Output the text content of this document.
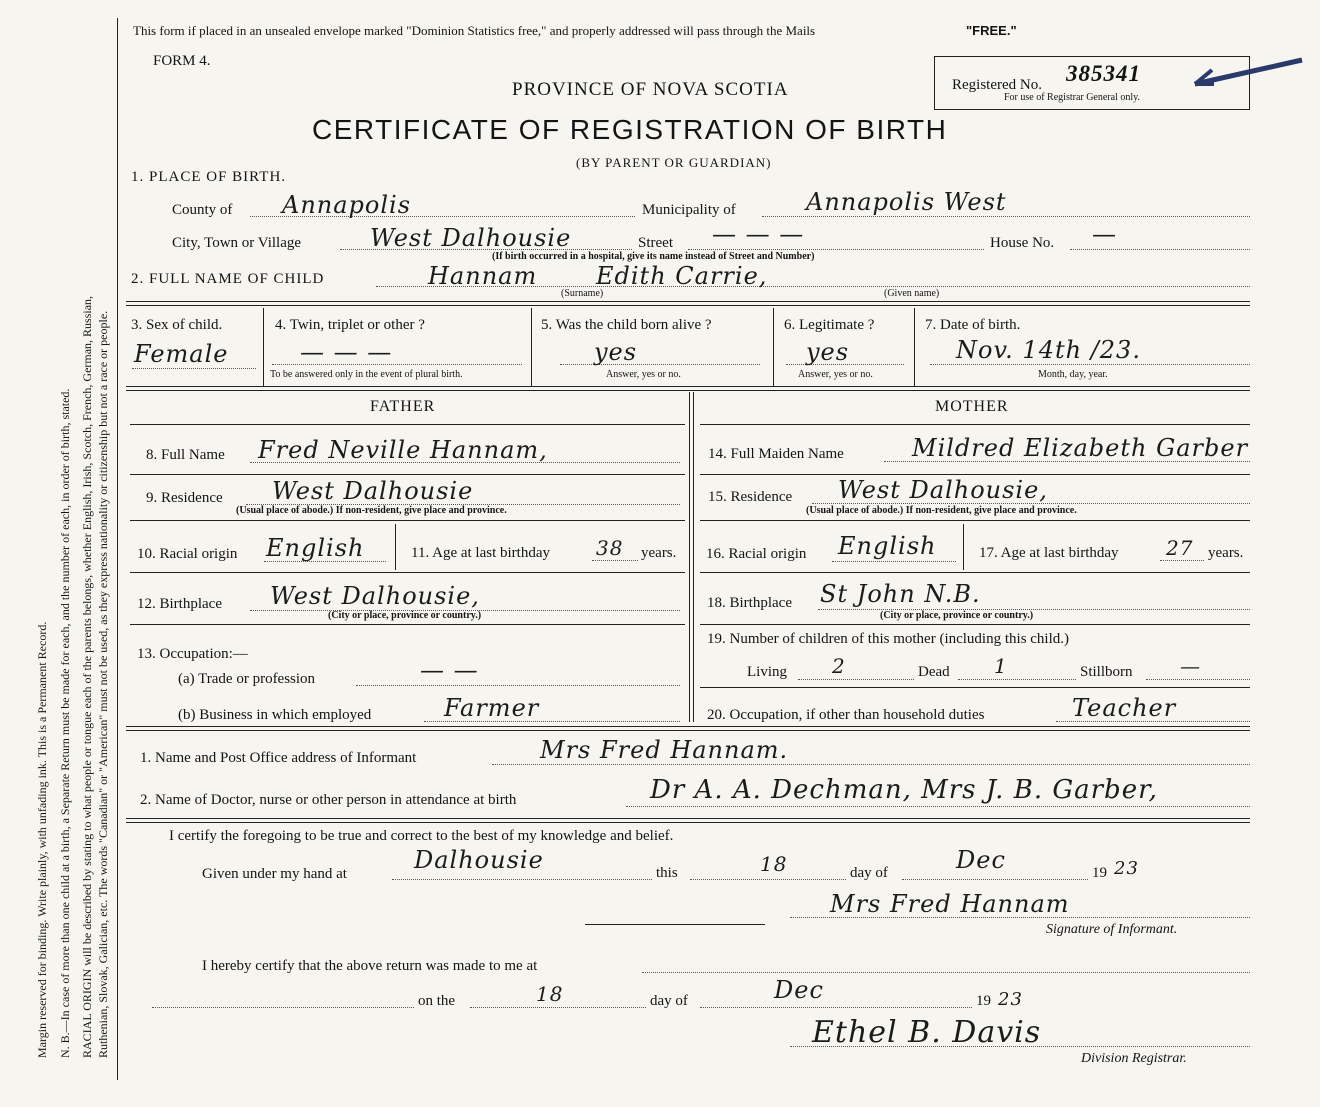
Margin reserved for binding. Write plainly, with unfading ink. This is a Permanent Record. N. B.—In case of more than one child at a birth, a Separate Return must be made for each, and the number of each, in order of birth, stated. RACIAL ORIGIN will be described by stating to what people or tongue each of the parents belongs, whether English, Irish, Scotch, French, German, Russian, Ruthenian, Slovak, Galician, etc. The words "Canadian" or "American" must not be used, as they express nationality or citizenship but not a race or people.
This form if placed in an unsealed envelope marked "Dominion Statistics free," and properly addressed will pass through the Mails	"FREE."
FORM 4.
PROVINCE OF NOVA SCOTIA
CERTIFICATE OF REGISTRATION OF BIRTH
(BY PARENT OR GUARDIAN)
Registered No. 385341
For use of Registrar General only.
1. PLACE OF BIRTH.
County of Annapolis	Municipality of	Annapolis West
City, Town or Village	West Dalhousie	Street — — —	House No. —
(If birth occurred in a hospital, give its name instead of Street and Number)
2. FULL NAME OF CHILD	Hannam Edith Carrie,
(Surname)	(Given name)
3. Sex of child.
Female
4. Twin, triplet or other ?
— — —
To be answered only in the event of plural birth.
5. Was the child born alive ?
yes
Answer, yes or no.
6. Legitimate ?
yes
Answer, yes or no.
7. Date of birth.
Nov. 14th /23.
Month, day, year.
FATHER	MOTHER
8. Full Name Fred Neville Hannam,	14. Full Maiden Name	Mildred Elizabeth Garber
9. Residence West Dalhousie
(Usual place of abode.) If non-resident, give place and province.
15. Residence West Dalhousie,
(Usual place of abode.) If non-resident, give place and province.
10. Racial origin English	11. Age at last birthday 38 years. 16. Racial origin English	17. Age at last birthday 27 years.
12. Birthplace West Dalhousie,
(City or place, province or country.)
18. Birthplace St John N.B.
(City or place, province or country.)
13. Occupation:—
(a) Trade or profession	— —
(b) Business in which employed	Farmer
19. Number of children of this mother (including this child.)
Living 2	Dead 1	Stillborn —
20. Occupation, if other than household duties	Teacher
1. Name and Post Office address of Informant	Mrs Fred Hannam.
2. Name of Doctor, nurse or other person in attendance at birth	Dr A. A. Dechman, Mrs J. B. Garber,
I certify the foregoing to be true and correct to the best of my knowledge and belief.
Given under my hand at	Dalhousie	this	18	day of	Dec	19 23
Mrs Fred Hannam
Signature of Informant.
I hereby certify that the above return was made to me at
on the	18	day of	Dec	19 23
Ethel B. Davis
Division Registrar.
